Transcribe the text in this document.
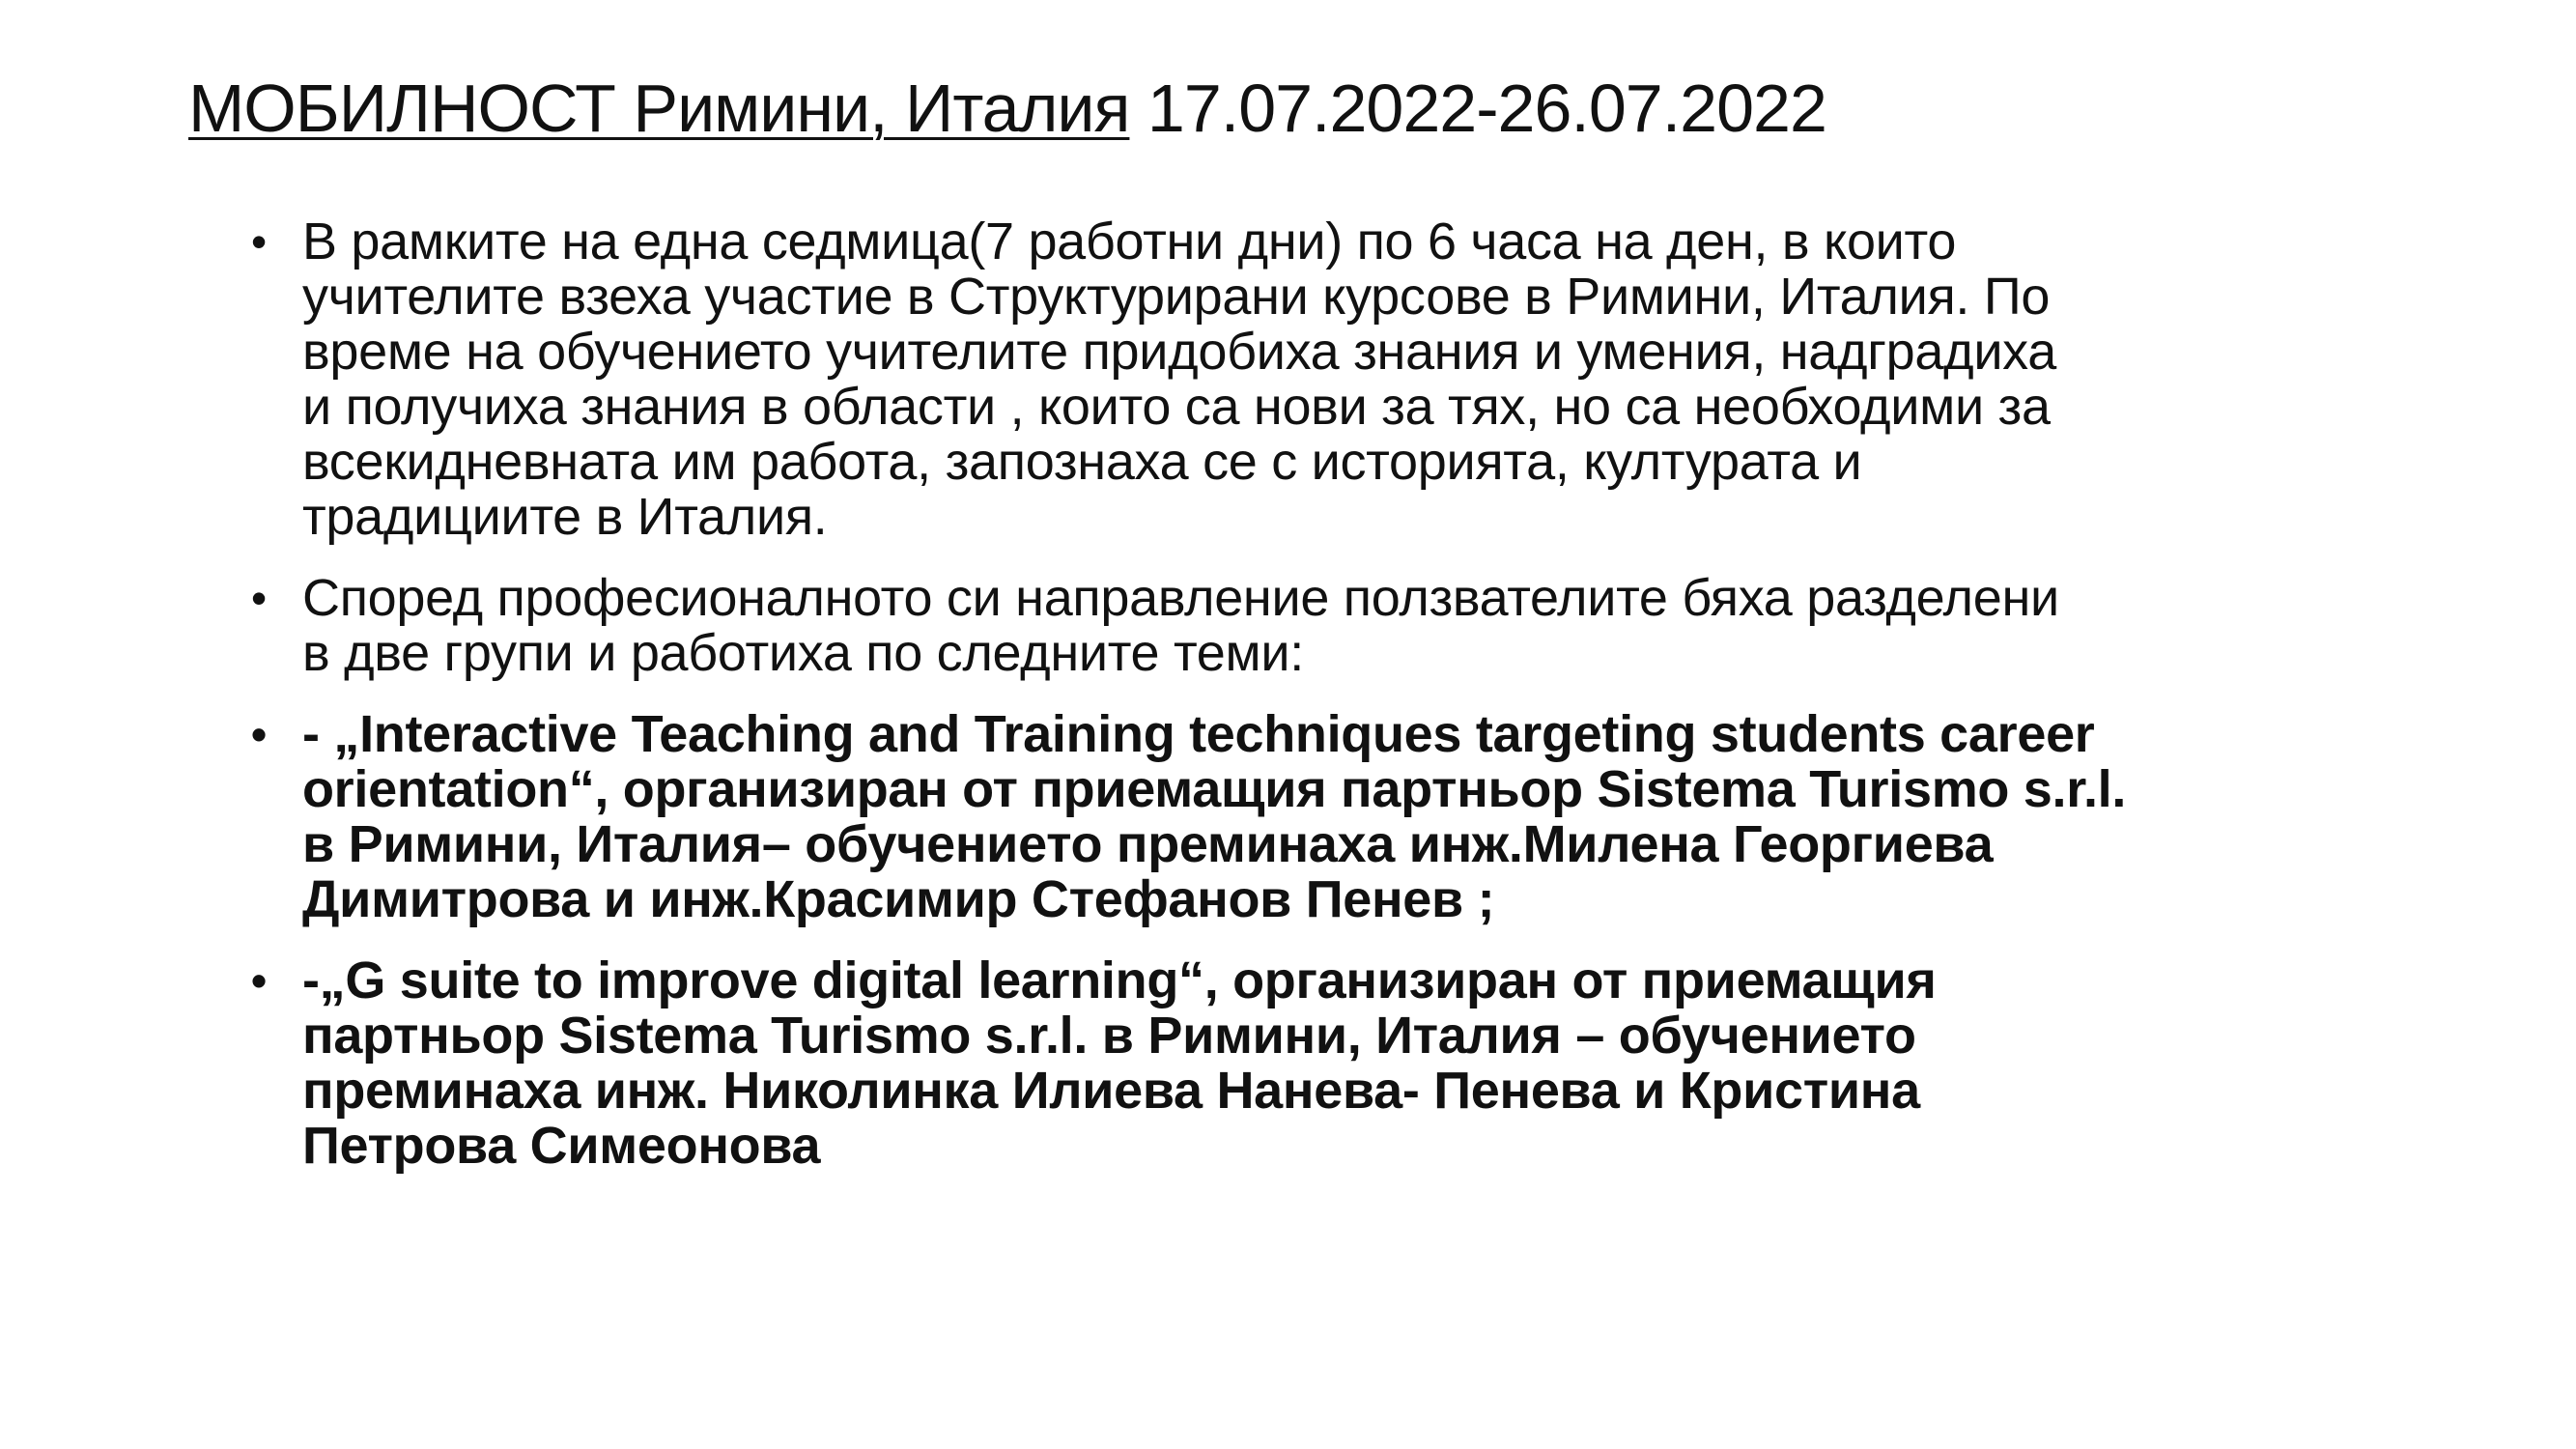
МОБИЛНОСТ Римини, Италия 17.07.2022-26.07.2022
• В рамките на една седмица(7 работни дни) по 6 часа на ден, в които
учителите взеха участие в Структурирани курсове в Римини, Италия. По
време на обучението учителите придобиха знания и умения, надградиха
и получиха знания в области , които са нови за тях, но са необходими за
всекидневната им работа, запознаха се с историята, културата и
традициите в Италия.
• Според професионалното си направление ползвателите бяха разделени
в две групи и работиха по следните теми:
• - „Interactive Teaching and Training techniques targeting students career
orientation“, организиран от приемащия партньор Sistema Turismo s.r.l.
в Римини, Италия– обучението преминаха инж.Милена Георгиева
Димитрова и инж.Красимир Стефанов Пенев ;
• -„G suite to improve digital learning“, организиран от приемащия
партньор Sistema Turismo s.r.l. в Римини, Италия – обучението
преминаха инж. Николинка Илиева Нанева- Пенева и Кристина
Петрова Симеонова
